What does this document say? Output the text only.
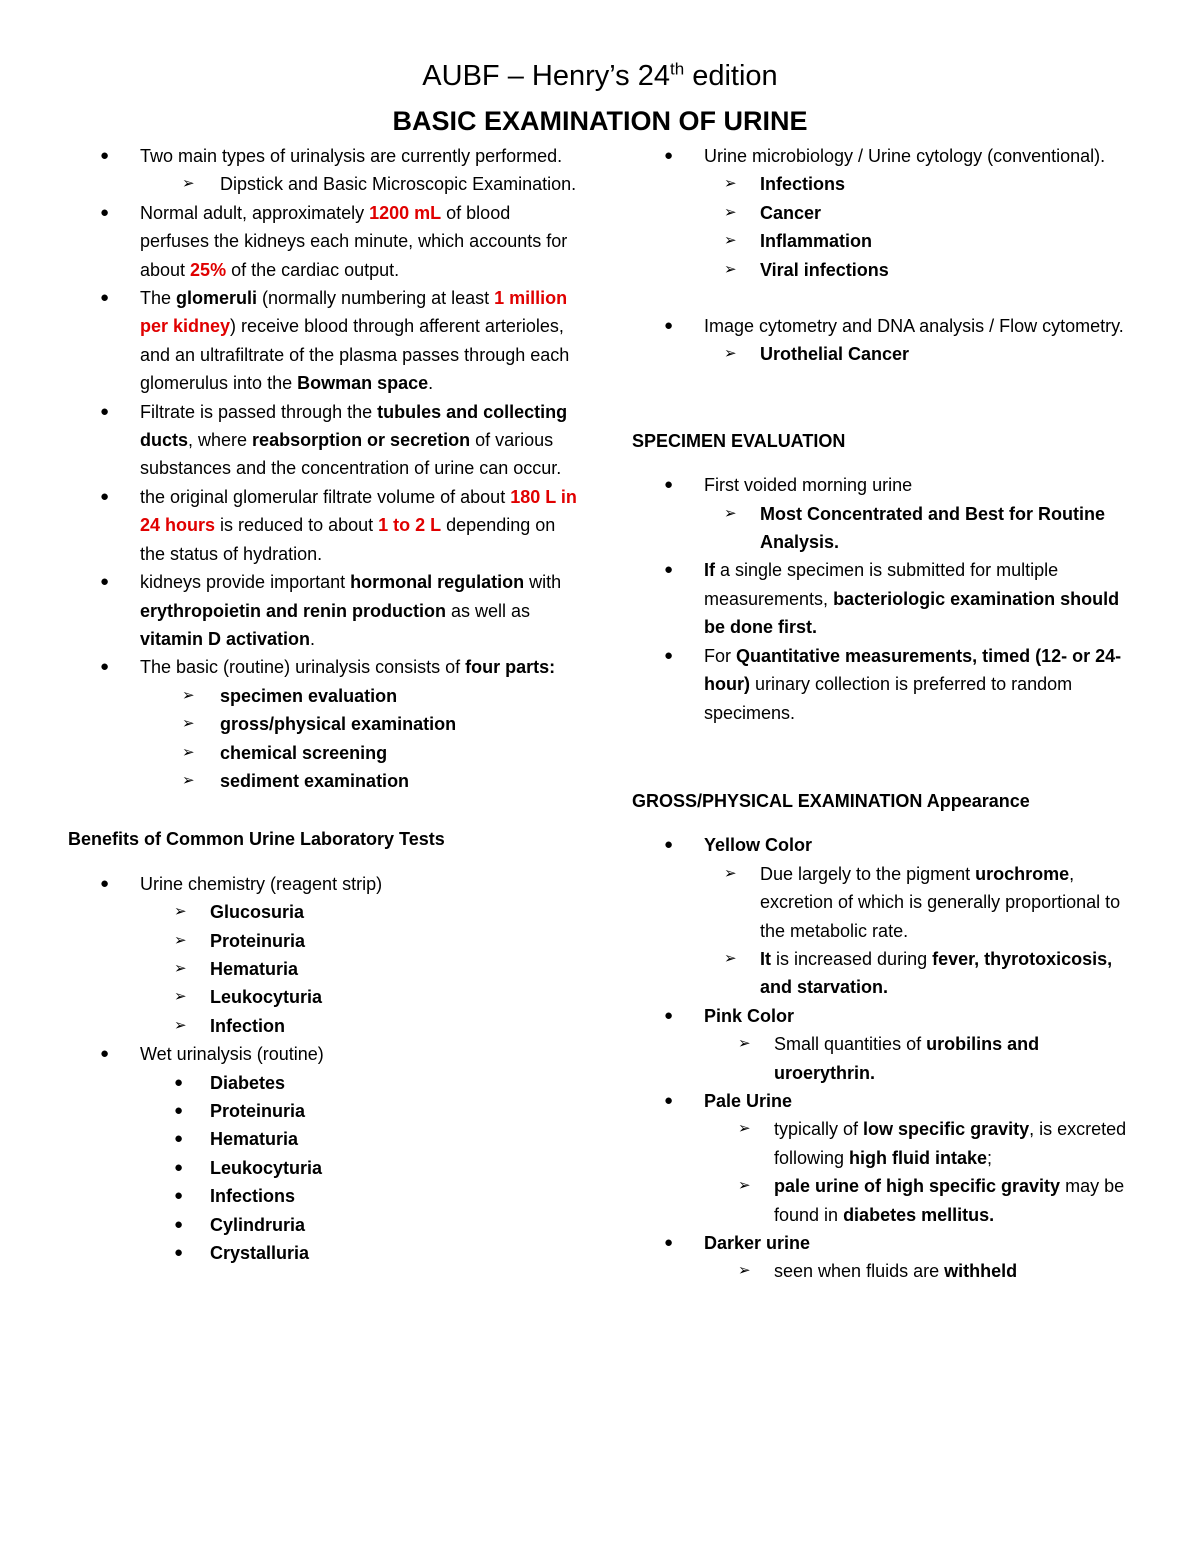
AUBF – Henry’s 24th edition
BASIC EXAMINATION OF URINE
● Two main types of urinalysis are currently performed.
➢ Dipstick and Basic Microscopic Examination.
● Normal adult, approximately 1200 mL of blood perfuses the kidneys each minute, which accounts for about 25% of the cardiac output.
● The glomeruli (normally numbering at least 1 million per kidney) receive blood through afferent arterioles, and an ultrafiltrate of the plasma passes through each glomerulus into the Bowman space.
● Filtrate is passed through the tubules and collecting ducts, where reabsorption or secretion of various substances and the concentration of urine can occur.
● the original glomerular filtrate volume of about 180 L in 24 hours is reduced to about 1 to 2 L depending on the status of hydration.
● kidneys provide important hormonal regulation with erythropoietin and renin production as well as vitamin D activation.
● The basic (routine) urinalysis consists of four parts:
➢ specimen evaluation
➢ gross/physical examination
➢ chemical screening
➢ sediment examination
Benefits of Common Urine Laboratory Tests
● Urine chemistry (reagent strip)
➢ Glucosuria
➢ Proteinuria
➢ Hematuria
➢ Leukocyturia
➢ Infection
● Wet urinalysis (routine)
● Diabetes
● Proteinuria
● Hematuria
● Leukocyturia
● Infections
● Cylindruria
● Crystalluria
● Urine microbiology / Urine cytology (conventional).
➢ Infections
➢ Cancer
➢ Inflammation
➢ Viral infections
● Image cytometry and DNA analysis / Flow cytometry.
➢ Urothelial Cancer
SPECIMEN EVALUATION
● First voided morning urine
➢ Most Concentrated and Best for Routine Analysis.
● If a single specimen is submitted for multiple measurements, bacteriologic examination should be done first.
● For Quantitative measurements, timed (12- or 24-hour) urinary collection is preferred to random specimens.
GROSS/PHYSICAL EXAMINATION Appearance
● Yellow Color
➢ Due largely to the pigment urochrome, excretion of which is generally proportional to the metabolic rate.
➢ It is increased during fever, thyrotoxicosis, and starvation.
● Pink Color
➢ Small quantities of urobilins and uroerythrin.
● Pale Urine
➢ typically of low specific gravity, is excreted following high fluid intake;
➢ pale urine of high specific gravity may be found in diabetes mellitus.
● Darker urine
➢ seen when fluids are withheld
